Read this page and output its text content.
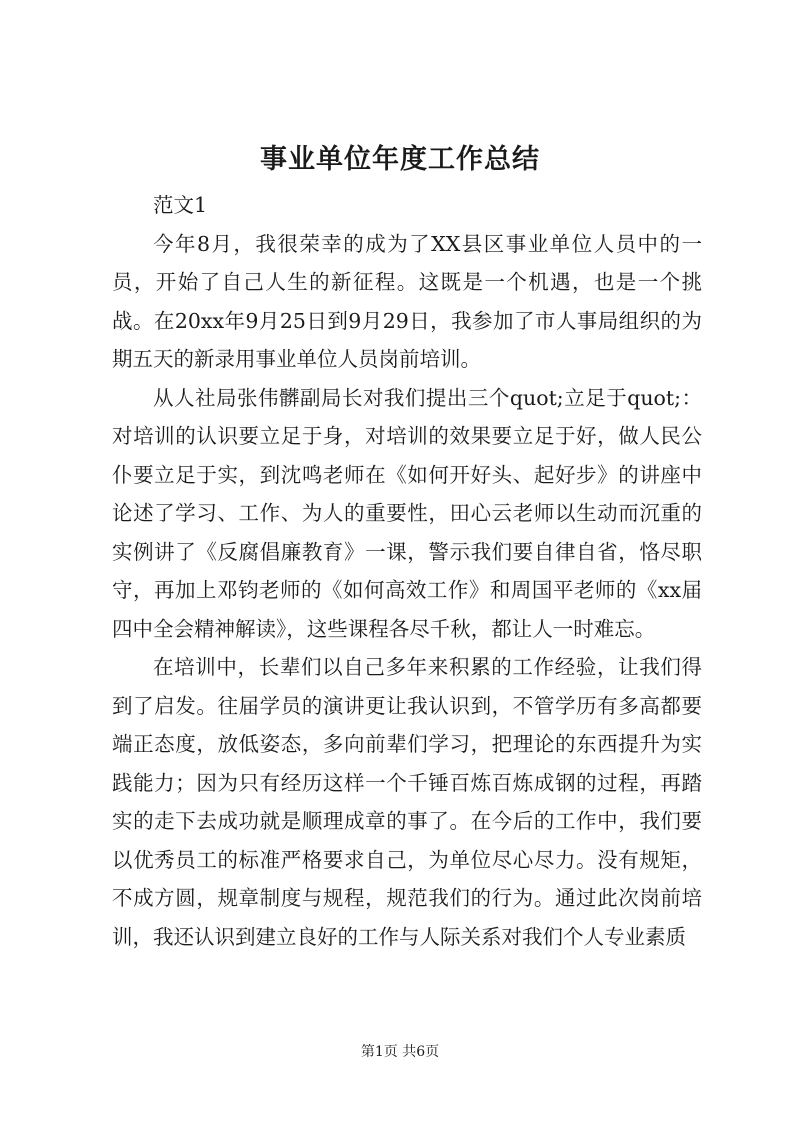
事业单位年度工作总结

范文1

今年8月，我很荣幸的成为了XX县区事业单位人员中的一员，开始了自己人生的新征程。这既是一个机遇，也是一个挑战。在20xx年9月25日到9月29日，我参加了市人事局组织的为期五天的新录用事业单位人员岗前培训。

从人社局张伟髒副局长对我们提出三个quot;立足于quot;：对培训的认识要立足于身，对培训的效果要立足于好，做人民公仆要立足于实，到沈鸣老师在《如何开好头、起好步》的讲座中论述了学习、工作、为人的重要性，田心云老师以生动而沉重的实例讲了《反腐倡廉教育》一课，警示我们要自律自省，恪尽职守，再加上邓钧老师的《如何高效工作》和周国平老师的《xx届四中全会精神解读》，这些课程各尽千秋，都让人一时难忘。

在培训中，长辈们以自己多年来积累的工作经验，让我们得到了启发。往届学员的演讲更让我认识到，不管学历有多高都要端正态度，放低姿态，多向前辈们学习，把理论的东西提升为实践能力；因为只有经历这样一个千锤百炼百炼成钢的过程，再踏实的走下去成功就是顺理成章的事了。在今后的工作中，我们要以优秀员工的标准严格要求自己，为单位尽心尽力。没有规矩，不成方圆，规章制度与规程，规范我们的行为。通过此次岗前培训，我还认识到建立良好的工作与人际关系对我们个人专业素质

第1页 共6页
